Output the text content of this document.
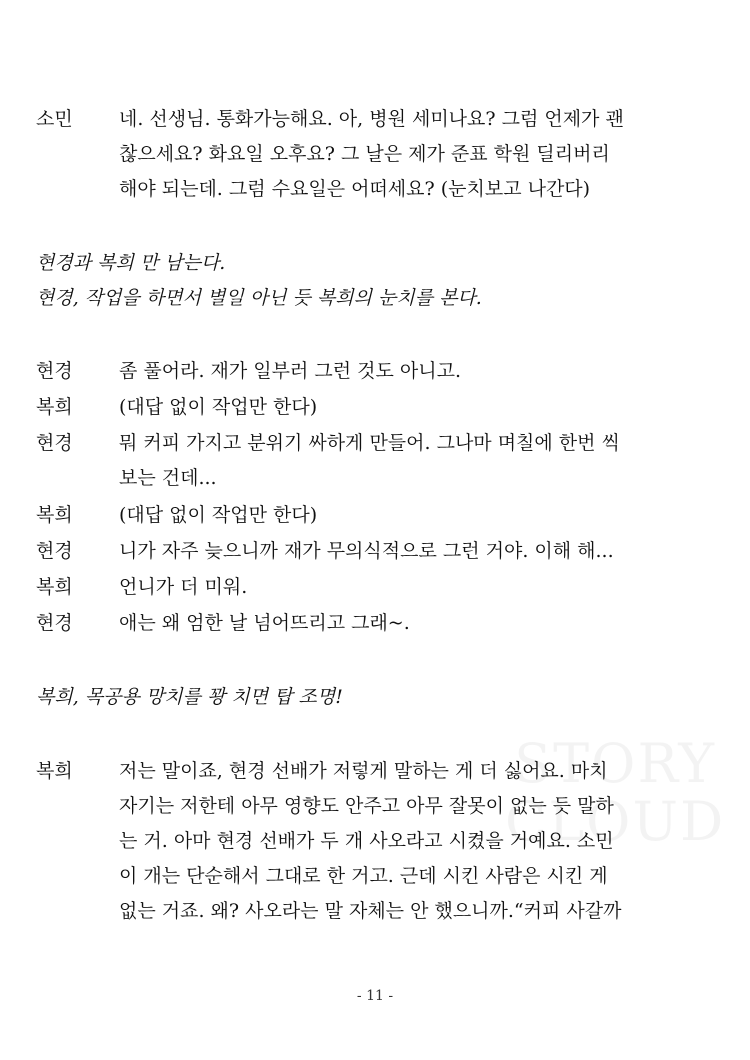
소민	네. 선생님. 통화가능해요. 아, 병원 세미나요? 그럼 언제가 괜
찮으세요? 화요일 오후요? 그 날은 제가 준표 학원 딜리버리
해야 되는데. 그럼 수요일은 어떠세요? (눈치보고 나간다)
현경과 복희 만 남는다.
현경, 작업을 하면서 별일 아닌 듯 복희의 눈치를 본다.
현경	좀 풀어라. 재가 일부러 그런 것도 아니고.
복희	(대답 없이 작업만 한다)
현경	뭐 커피 가지고 분위기 싸하게 만들어. 그나마 며칠에 한번 씩
보는 건데...
복희	(대답 없이 작업만 한다)
현경	니가 자주 늦으니까 재가 무의식적으로 그런 거야. 이해 해...
복희	언니가 더 미워.
현경	애는 왜 엄한 날 넘어뜨리고 그래~.
복희, 목공용 망치를 꽝 치면 탑 조명!
복희	저는 말이죠, 현경 선배가 저렇게 말하는 게 더 싫어요. 마치
자기는 저한테 아무 영향도 안주고 아무 잘못이 없는 듯 말하
는 거. 아마 현경 선배가 두 개 사오라고 시켰을 거예요. 소민
이 개는 단순해서 그대로 한 거고. 근데 시킨 사람은 시킨 게
없는 거죠. 왜? 사오라는 말 자체는 안 했으니까.“커피 사갈까
- 11 -
